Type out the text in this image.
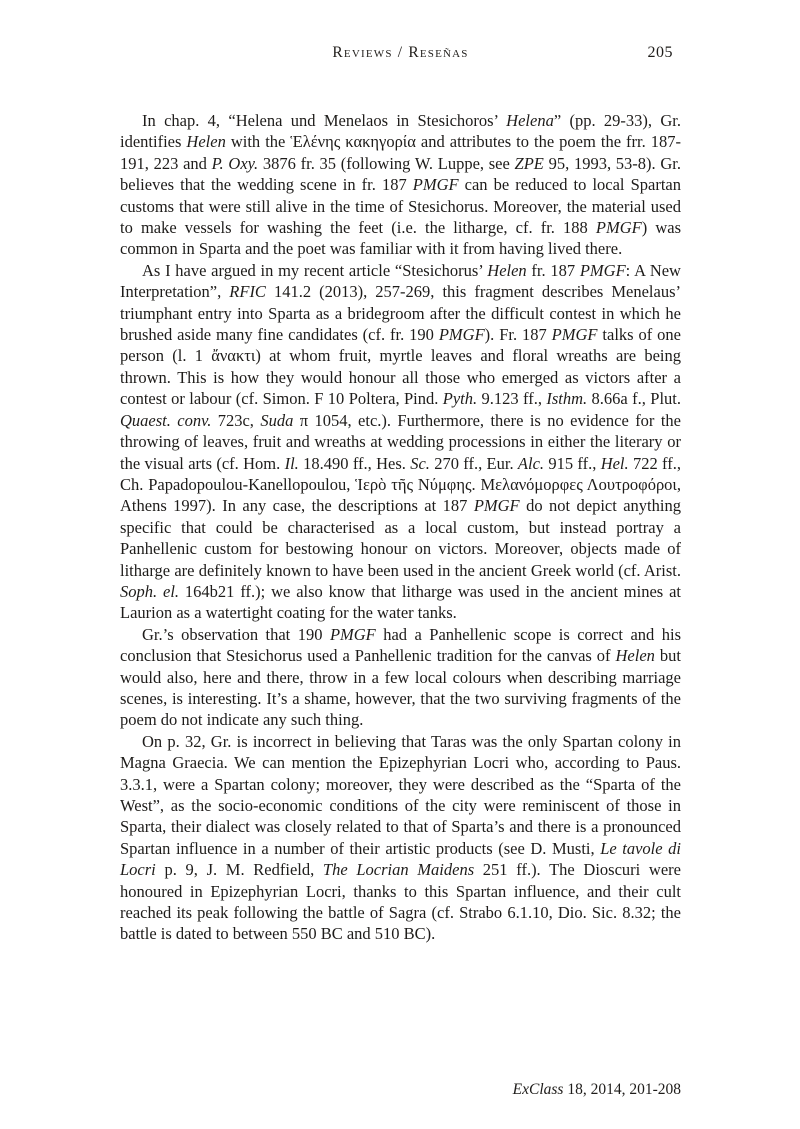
Reviews / Reseñas	205

In chap. 4, “Helena und Menelaos in Stesichoros’ Helena” (pp. 29-33), Gr. identifies Helen with the Ἑλένης κακηγορία and attributes to the poem the frr. 187-191, 223 and P. Oxy. 3876 fr. 35 (following W. Luppe, see ZPE 95, 1993, 53-8). Gr. believes that the wedding scene in fr. 187 PMGF can be reduced to local Spartan customs that were still alive in the time of Stesichorus. Moreover, the material used to make vessels for washing the feet (i.e. the litharge, cf. fr. 188 PMGF) was common in Sparta and the poet was familiar with it from having lived there.

As I have argued in my recent article “Stesichorus’ Helen fr. 187 PMGF: A New Interpretation”, RFIC 141.2 (2013), 257-269, this fragment describes Menelaus’ triumphant entry into Sparta as a bridegroom after the difficult contest in which he brushed aside many fine candidates (cf. fr. 190 PMGF). Fr. 187 PMGF talks of one person (l. 1 ἄνακτι) at whom fruit, myrtle leaves and floral wreaths are being thrown. This is how they would honour all those who emerged as victors after a contest or labour (cf. Simon. F 10 Poltera, Pind. Pyth. 9.123 ff., Isthm. 8.66a f., Plut. Quaest. conv. 723c, Suda π 1054, etc.). Furthermore, there is no evidence for the throwing of leaves, fruit and wreaths at wedding processions in either the literary or the visual arts (cf. Hom. Il. 18.490 ff., Hes. Sc. 270 ff., Eur. Alc. 915 ff., Hel. 722 ff., Ch. Papadopoulou-Kanellopoulou, Ἱερὸ τῆς Νύμφης. Μελανόμορφες Λουτροφόροι, Athens 1997). In any case, the descriptions at 187 PMGF do not depict anything specific that could be characterised as a local custom, but instead portray a Panhellenic custom for bestowing honour on victors. Moreover, objects made of litharge are definitely known to have been used in the ancient Greek world (cf. Arist. Soph. el. 164b21 ff.); we also know that litharge was used in the ancient mines at Laurion as a watertight coating for the water tanks.

Gr.’s observation that 190 PMGF had a Panhellenic scope is correct and his conclusion that Stesichorus used a Panhellenic tradition for the canvas of Helen but would also, here and there, throw in a few local colours when describing marriage scenes, is interesting. It’s a shame, however, that the two surviving fragments of the poem do not indicate any such thing.

On p. 32, Gr. is incorrect in believing that Taras was the only Spartan colony in Magna Graecia. We can mention the Epizephyrian Locri who, according to Paus. 3.3.1, were a Spartan colony; moreover, they were described as the “Sparta of the West”, as the socio-economic conditions of the city were reminiscent of those in Sparta, their dialect was closely related to that of Sparta’s and there is a pronounced Spartan influence in a number of their artistic products (see D. Musti, Le tavole di Locri p. 9, J. M. Redfield, The Locrian Maidens 251 ff.). The Dioscuri were honoured in Epizephyrian Locri, thanks to this Spartan influence, and their cult reached its peak following the battle of Sagra (cf. Strabo 6.1.10, Dio. Sic. 8.32; the battle is dated to between 550 BC and 510 BC).

ExClass 18, 2014, 201-208
